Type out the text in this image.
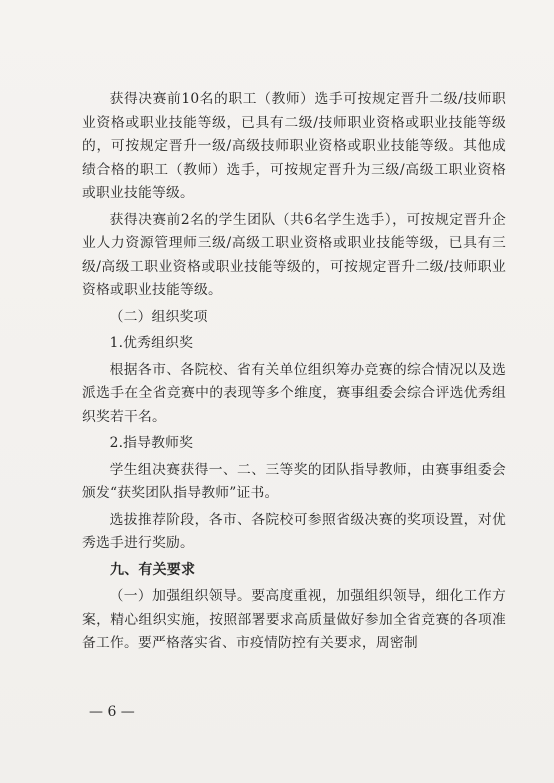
获得决赛前10名的职工（教师）选手可按规定晋升二级/技师职业资格或职业技能等级，已具有二级/技师职业资格或职业技能等级的，可按规定晋升一级/高级技师职业资格或职业技能等级。其他成绩合格的职工（教师）选手，可按规定晋升为三级/高级工职业资格或职业技能等级。

获得决赛前2名的学生团队（共6名学生选手），可按规定晋升企业人力资源管理师三级/高级工职业资格或职业技能等级，已具有三级/高级工职业资格或职业技能等级的，可按规定晋升二级/技师职业资格或职业技能等级。

（二）组织奖项

1.优秀组织奖

根据各市、各院校、省有关单位组织筹办竞赛的综合情况以及选派选手在全省竞赛中的表现等多个维度，赛事组委会综合评选优秀组织奖若干名。

2.指导教师奖

学生组决赛获得一、二、三等奖的团队指导教师，由赛事组委会颁发“获奖团队指导教师”证书。

选拔推荐阶段，各市、各院校可参照省级决赛的奖项设置，对优秀选手进行奖励。

九、有关要求

（一）加强组织领导。要高度重视，加强组织领导，细化工作方案，精心组织实施，按照部署要求高质量做好参加全省竞赛的各项准备工作。要严格落实省、市疫情防控有关要求，周密制

— 6 —
